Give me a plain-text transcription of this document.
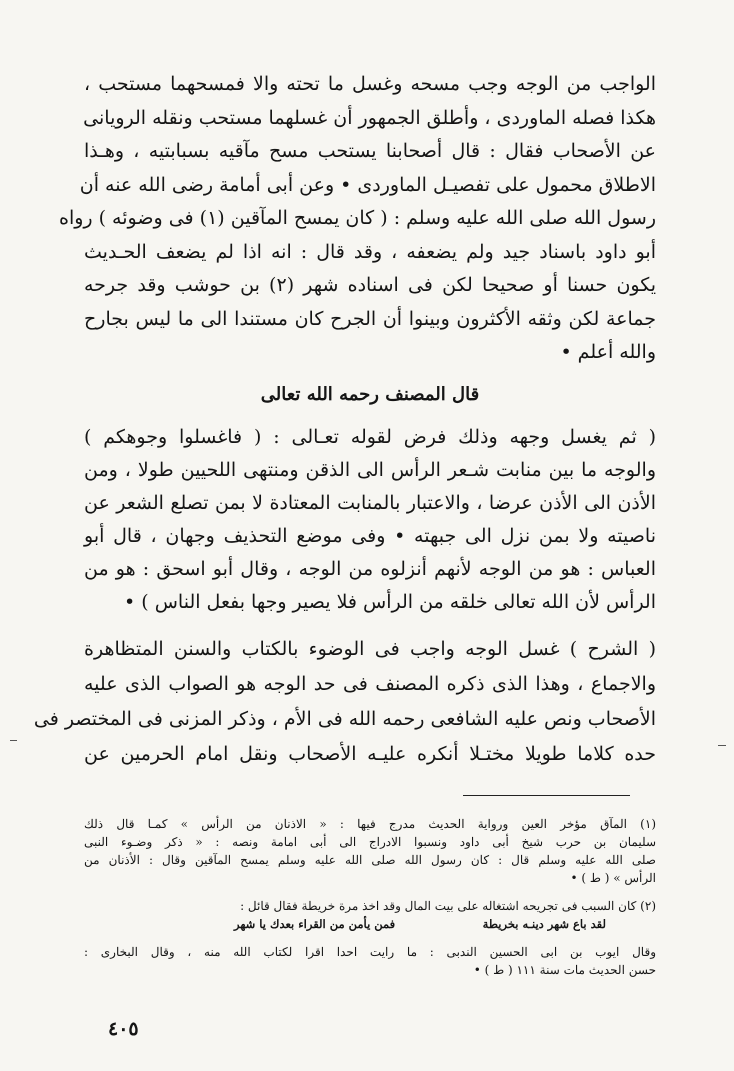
الواجب من الوجه وجب مسحه وغسل ما تحته والا فمسحهما مستحب ،
هكذا فصله الماوردى ، وأطلق الجمهور أن غسلهما مستحب ونقله الرويانى
عن الأصحاب فقال : قال أصحابنا يستحب مسح مآقيه بسبابتيه ، وهـذا
الاطلاق محمول على تفصيـل الماوردى • وعن أبى أمامة رضى الله عنه أن
رسول الله صلى الله عليه وسلم : ( كان يمسح المآقين (١) فى وضوئه ) رواه
أبو داود باسناد جيد ولم يضعفه ، وقد قال : انه اذا لم يضعف الحـديث
يكون حسنا أو صحيحا لكن فى اسناده شهر (٢) بن حوشب وقد جرحه
جماعة لكن وثقه الأكثرون وبينوا أن الجرح كان مستندا الى ما ليس بجارح
والله أعلم •
قال المصنف رحمه الله تعالى
( ثم يغسل وجهه وذلك فرض لقوله تعـالى : ( فاغسلوا وجوهكم )
والوجه ما بين منابت شـعر الرأس الى الذقن ومنتهى اللحيين طولا ، ومن
الأذن الى الأذن عرضا ، والاعتبار بالمنابت المعتادة لا بمن تصلع الشعر عن
ناصيته ولا بمن نزل الى جبهته • وفى موضع التحذيف وجهان ، قال أبو
العباس : هو من الوجه لأنهم أنزلوه من الوجه ، وقال أبو اسحق : هو من
الرأس لأن الله تعالى خلقه من الرأس فلا يصير وجها بفعل الناس ) •
( الشرح ) غسل الوجه واجب فى الوضوء بالكتاب والسنن المتظاهرة
والاجماع ، وهذا الذى ذكره المصنف فى حد الوجه هو الصواب الذى عليه
الأصحاب ونص عليه الشافعى رحمه الله فى الأم ، وذكر المزنى فى المختصر فى
حده كلاما طويلا مختـلا أنكره عليـه الأصحاب ونقل امام الحرمين عن
(١) المآق مؤخر العين ورواية الحديث مدرج فيها : « الاذنان من الرأس » كمـا قال ذلك
سليمان بن حرب شيخ أبى داود ونسبوا الادراج الى أبى امامة ونصه : « ذكر وضـوء النبى
صلى الله عليه وسلم قال : كان رسول الله صلى الله عليه وسلم يمسح المآقين وقال : الأذنان من
الرأس » ( ط ) •
(٢) كان السبب فى تجريحه اشتغاله على بيت المال وقد اخذ مرة خريطة فقال قائل :
لقد باع شهر دينـه بخريطة
فمن يأمن من القراء بعدك يا شهر
وقال ايوب بن ابى الحسين الندبى : ما رايت احدا اقرا لكتاب الله منه ، وقال البخارى :
حسن الحديث مات سنة ١١١ ( ط ) •
٤٠٥
